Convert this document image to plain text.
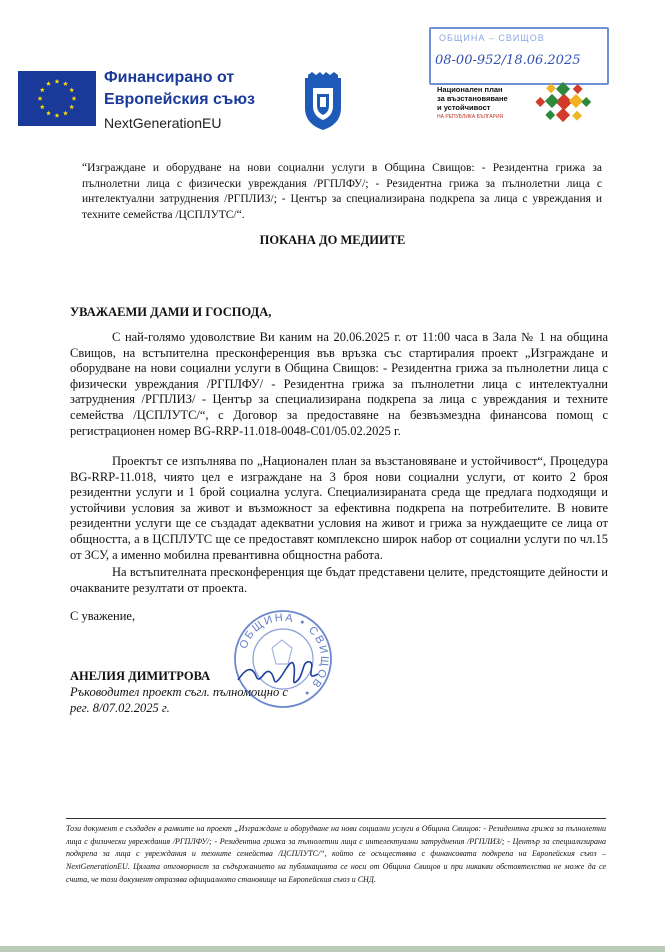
Финансирано от
Европейския съюз
NextGenerationEU
ОБЩИНА – СВИЩОВ
08-00-952/18.06.2025
Национален план
за възстановяване
и устойчивост
НА РЕПУБЛИКА БЪЛГАРИЯ
“Изграждане и оборудване на нови социални услуги в Община Свищов: - Резидентна грижа за пълнолетни лица с физически увреждания /РГПЛФУ/; - Резидентна грижа за пълнолетни лица с интелектуални затруднения /РГПЛИЗ/; - Център за специализирана подкрепа за лица с увреждания и техните семейства /ЦСПЛУТС/“.
ПОКАНА ДО МЕДИИТЕ
УВАЖАЕМИ ДАМИ И ГОСПОДА,
С най-голямо удоволствие Ви каним на 20.06.2025 г. от 11:00 часа в Зала № 1 на община Свищов, на встъпителна пресконференция във връзка със стартиралия проект „Изграждане и оборудване на нови социални услуги в Община Свищов: - Резидентна грижа за пълнолетни лица с физически увреждания /РГПЛФУ/ - Резидентна грижа за пълнолетни лица с интелектуални затруднения /РГПЛИЗ/ - Център за специализирана подкрепа за лица с увреждания и техните семейства /ЦСПЛУТС/“, с Договор за предоставяне на безвъзмездна финансова помощ с регистрационен номер BG-RRP-11.018-0048-C01/05.02.2025 г.
Проектът се изпълнява по „Национален план за възстановяване и устойчивост“, Процедура BG-RRP-11.018, чиято цел е изграждане на 3 броя нови социални услуги, от които 2 броя резидентни услуги и 1 брой социална услуга. Специализираната среда ще предлага подходящи и устойчиви условия за живот и възможност за ефективна подкрепа на потребителите. В новите резидентни услуги ще се създадат адекватни условия на живот и грижа за нуждаещите се лица от общността, а в ЦСПЛУТС ще се предоставят комплексно широк набор от социални услуги по чл.15 от ЗСУ, а именно мобилна превантивна общностна работа.
На встъпителната пресконференция ще бъдат представени целите, предстоящите дейности и очакваните резултати от проекта.
С уважение,
АНЕЛИЯ ДИМИТРОВА
Ръководител проект съгл. пълномощно с рег. 8/07.02.2025 г.
ОБЩИНА • СВИЩОВ •
Този документ е създаден в рамките на проект „Изграждане и оборудване на нови социални услуги в Община Свищов: - Резидентна грижа за пълнолетни лица с физически увреждания /РГПЛФУ/; - Резидентна грижа за пълнолетни лица с интелектуални затруднения /РГПЛИЗ/; - Център за специализирана подкрепа за лица с увреждания и техните семейства /ЦСПЛУТС/“, който се осъществява с финансовата подкрепа на Европейския съюз – NextGenerationEU. Цялата отговорност за съдържанието на публикацията се носи от Община Свищов и при никакви обстоятелства не може да се счита, че този документ отразява официалното становище на Европейския съюз и СНД.
